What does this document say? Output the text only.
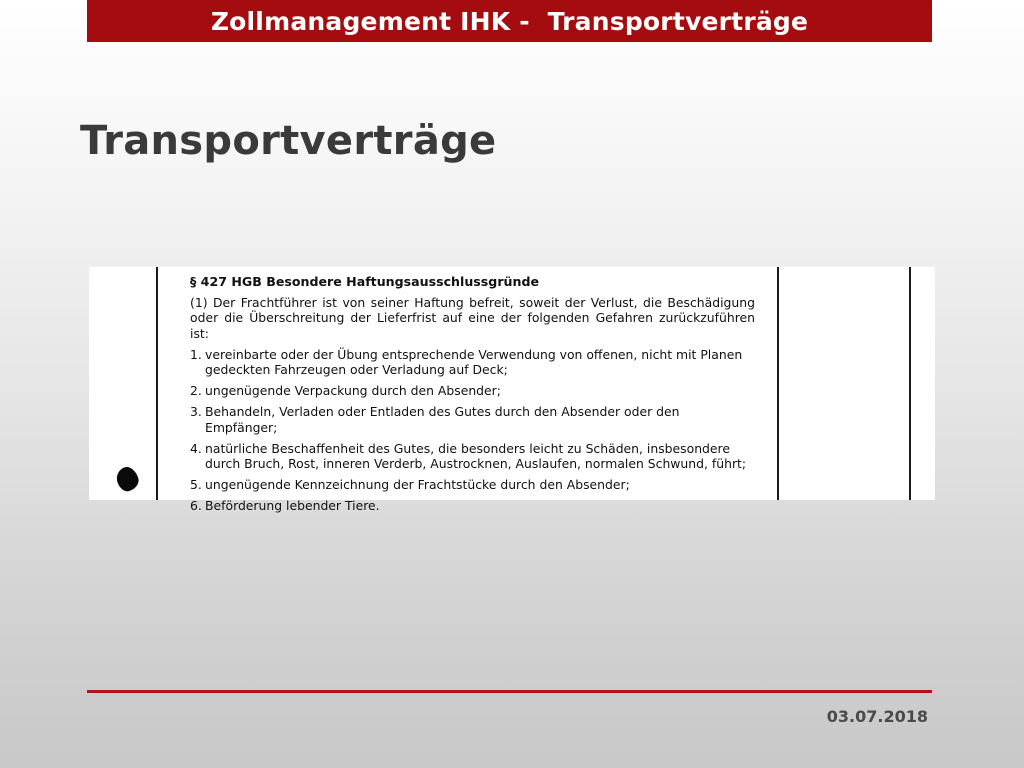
Zollmanagement IHK -  Transportverträge
Transportverträge
§ 427 HGB Besondere Haftungsausschlussgründe
(1) Der Frachtführer ist von seiner Haftung befreit, soweit der Verlust, die Beschädigung oder die Überschreitung der Lieferfrist auf eine der folgenden Gefahren zurückzuführen ist:
1. vereinbarte oder der Übung entsprechende Verwendung von offenen, nicht mit Planen gedeckten Fahrzeugen oder Verladung auf Deck;
2. ungenügende Verpackung durch den Absender;
3. Behandeln, Verladen oder Entladen des Gutes durch den Absender oder den Empfänger;
4. natürliche Beschaffenheit des Gutes, die besonders leicht zu Schäden, insbesondere durch Bruch, Rost, inneren Verderb, Austrocknen, Auslaufen, normalen Schwund, führt;
5. ungenügende Kennzeichnung der Frachtstücke durch den Absender;
6. Beförderung lebender Tiere.
03.07.2018
